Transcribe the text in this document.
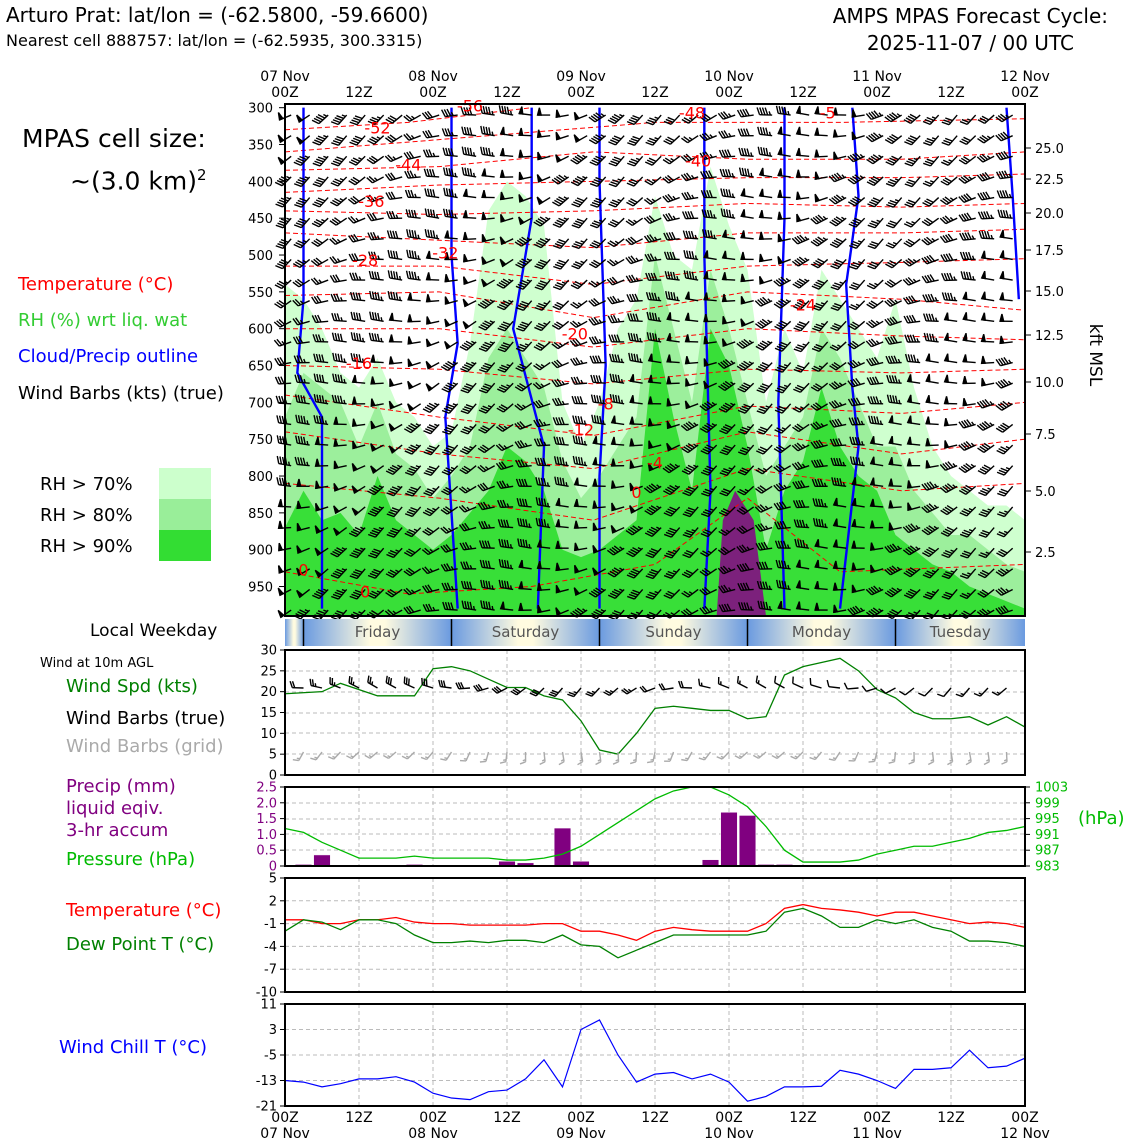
Arturo Prat: lat/lon = (-62.5800, -59.6600)
Nearest cell 888757: lat/lon = (-62.5935, 300.3315)
AMPS MPAS Forecast Cycle:
2025-11-07 / 00 UTC
MPAS cell size:
~(3.0 km)$^2$
Temperature (°C)
RH (%) wrt liq. wat
Cloud/Precip outline
Wind Barbs (kts) (true)
RH > 70%
RH > 80%
RH > 90%
Local Weekday
Wind at 10m AGL
Wind Spd (kts)
Wind Barbs (true)
Wind Barbs (grid)
Precip (mm)
liquid eqiv.
3-hr accum
Pressure (hPa)
(hPa)
Temperature (°C)
Dew Point T (°C)
Wind Chill T (°C)
-52
-56	-48	-5
-44	-40
-36
-32
-28
-24
-20
-16
-12
-8
-4
0
0
0
07 Nov
00Z	12Z
08 Nov
00Z	12Z
09 Nov
00Z	12Z
10 Nov
00Z	12Z
11 Nov
00Z	12Z
12 Nov
00Z
300
350
400
450
500
550
600
650
700
750
800
850
900
950
25.0
22.5
20.0
17.5
15.0
12.5
10.0
7.5
5.0
2.5
kft MSL
Friday	Saturday	Sunday	Monday	Tuesday
0
5
10
15
20
25
30
0
0.5
1.0
1.5
2.0
2.5
983
987
991
995
999
1003
-10
-7
-4
-1
2
5
-21
-13
-5
3
11
00Z
07 Nov
12Z	00Z
08 Nov
12Z	00Z
09 Nov
12Z	00Z
10 Nov
12Z	00Z
11 Nov
12Z	00Z
12 Nov
